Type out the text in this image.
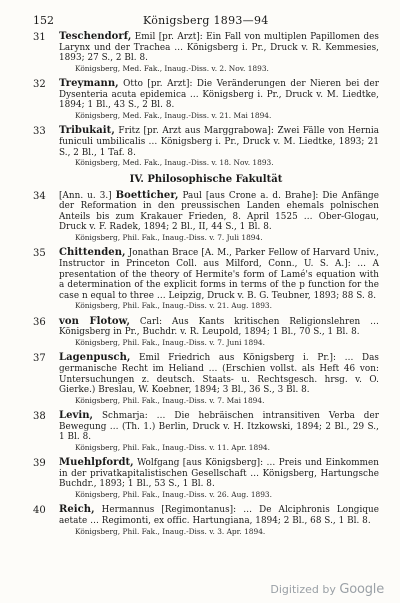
152	Königsberg 1893—94
31 Teschendorf, Emil [pr. Arzt]: Ein Fall von multiplen Papillomen des Larynx und der Trachea … Königsberg i. Pr., Druck v. R. Kemmesies, 1893; 27 S., 2 Bl. 8.
Königsberg, Med. Fak., Inaug.-Diss. v. 2. Nov. 1893.
32 Treymann, Otto [pr. Arzt]: Die Veränderungen der Nieren bei der Dysenteria acuta epidemica … Königsberg i. Pr., Druck v. M. Liedtke, 1894; 1 Bl., 43 S., 2 Bl. 8.
Königsberg, Med. Fak., Inaug.-Diss. v. 21. Mai 1894.
33 Tribukait, Fritz [pr. Arzt aus Marggrabowa]: Zwei Fälle von Hernia funiculi umbilicalis … Königsberg i. Pr., Druck v. M. Liedtke, 1893; 21 S., 2 Bl., 1 Taf. 8.
Königsberg, Med. Fak., Inaug.-Diss. v. 18. Nov. 1893.
IV. Philosophische Fakultät
34 [Ann. u. 3.] Boetticher, Paul [aus Crone a. d. Brahe]: Die Anfänge der Reformation in den preussischen Landen ehemals polnischen Anteils bis zum Krakauer Frieden, 8. April 1525 … Ober-Glogau, Druck v. F. Radek, 1894; 2 Bl., II, 44 S., 1 Bl. 8.
Königsberg, Phil. Fak., Inaug.-Diss. v. 7. Juli 1894.
35 Chittenden, Jonathan Brace [A. M., Parker Fellow of Harvard Univ., Instructor in Princeton Coll. aus Milford, Conn., U. S. A.]: … A presentation of the theory of Hermite's form of Lamé's equation with a determination of the explicit forms in terms of the p function for the case n equal to three … Leipzig, Druck v. B. G. Teubner, 1893; 88 S. 8.
Königsberg, Phil. Fak., Inaug.-Diss. v. 21. Aug. 1893.
36 von Flotow, Carl: Aus Kants kritischen Religionslehren … Königsberg in Pr., Buchdr. v. R. Leupold, 1894; 1 Bl., 70 S., 1 Bl. 8.
Königsberg, Phil. Fak., Inaug.-Diss. v. 7. Juni 1894.
37 Lagenpusch, Emil Friedrich aus Königsberg i. Pr.]: … Das germanische Recht im Heliand … (Erschien vollst. als Heft 46 von: Untersuchungen z. deutsch. Staats- u. Rechtsgesch. hrsg. v. O. Gierke.) Breslau, W. Koebner, 1894; 3 Bl., 36 S., 3 Bl. 8.
Königsberg, Phil. Fak., Inaug.-Diss. v. 7. Mai 1894.
38 Levin, Schmarja: … Die hebräischen intransitiven Verba der Bewegung … (Th. 1.) Berlin, Druck v. H. Itzkowski, 1894; 2 Bl., 29 S., 1 Bl. 8.
Königsberg, Phil. Fak., Inaug.-Diss. v. 11. Apr. 1894.
39 Muehlpfordt, Wolfgang [aus Königsberg]: … Preis und Einkommen in der privatkapitalistischen Gesellschaft … Königsberg, Hartungsche Buchdr., 1893; 1 Bl., 53 S., 1 Bl. 8.
Königsberg, Phil. Fak., Inaug.-Diss. v. 26. Aug. 1893.
40 Reich, Hermannus [Regimontanus]: … De Alciphronis Longique aetate … Regimonti, ex offic. Hartungiana, 1894; 2 Bl., 68 S., 1 Bl. 8.
Königsberg, Phil. Fak., Inaug.-Diss. v. 3. Apr. 1894.
Digitized by Google
